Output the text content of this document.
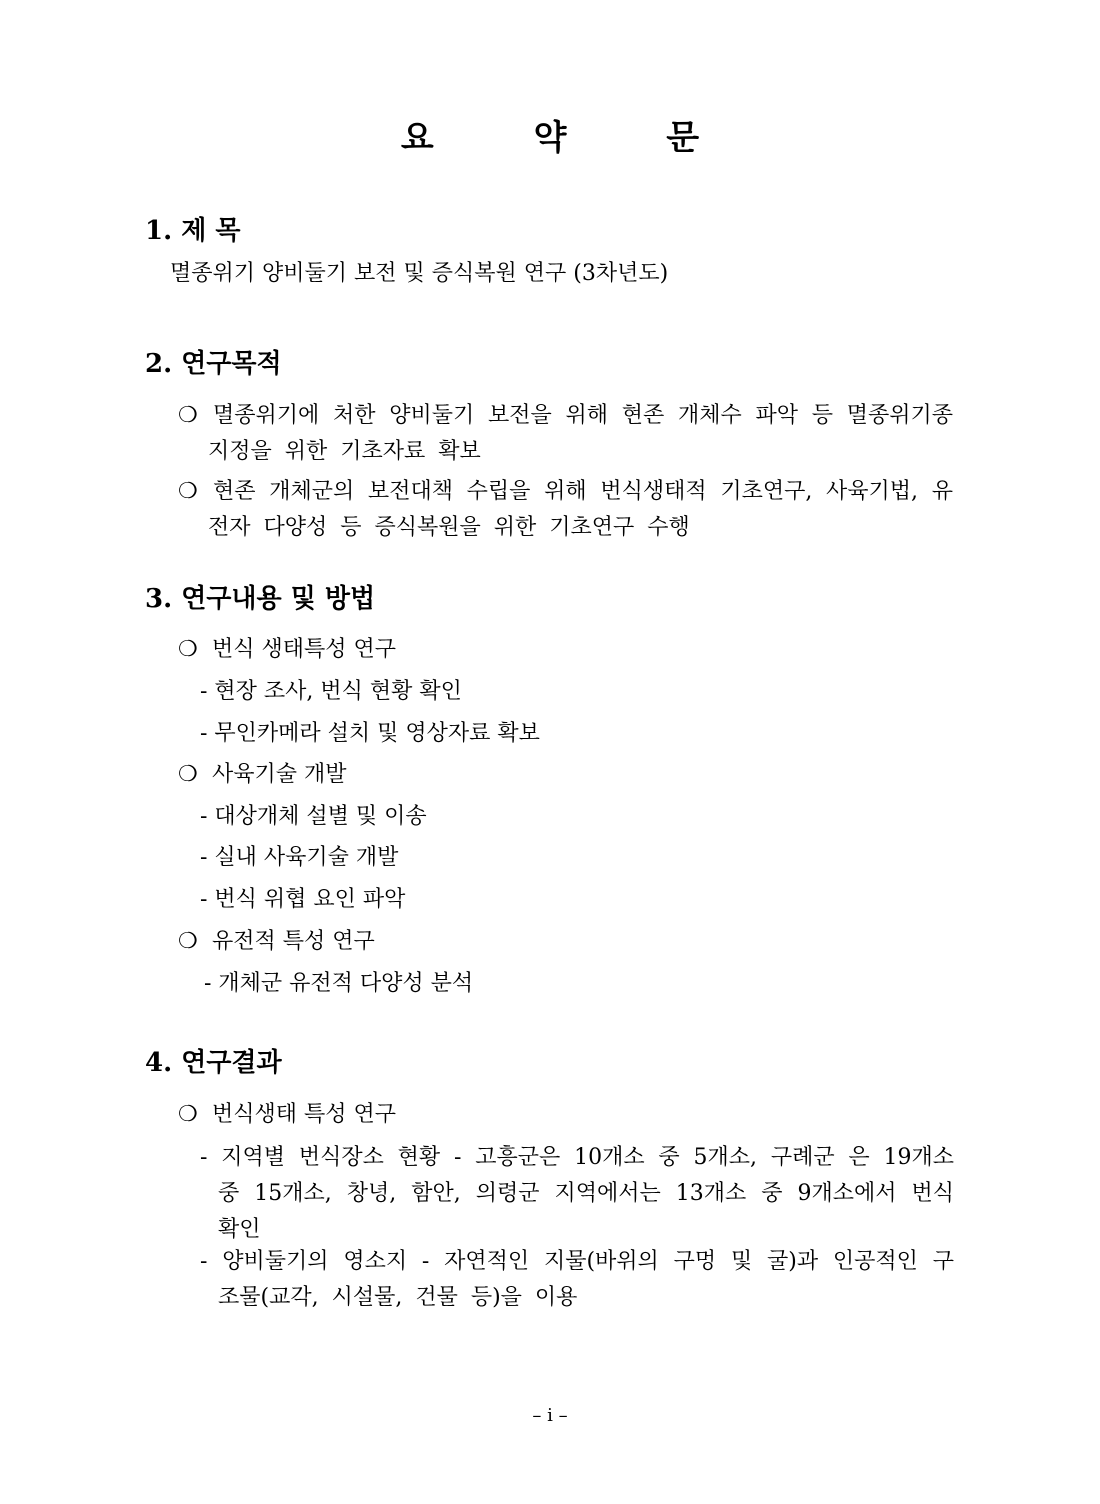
요 약 문
1. 제 목
멸종위기 양비둘기 보전 및 증식복원 연구 (3차년도)
2. 연구목적
❍ 멸종위기에 처한 양비둘기 보전을 위해 현존 개체수 파악 등 멸종위기종 지정을 위한 기초자료 확보
❍ 현존 개체군의 보전대책 수립을 위해 번식생태적 기초연구, 사육기법, 유전자 다양성 등 증식복원을 위한 기초연구 수행
3. 연구내용 및 방법
❍ 번식 생태특성 연구
- 현장 조사, 번식 현황 확인
- 무인카메라 설치 및 영상자료 확보
❍ 사육기술 개발
- 대상개체 설별 및 이송
- 실내 사육기술 개발
- 번식 위협 요인 파악
❍ 유전적 특성 연구
- 개체군 유전적 다양성 분석
4. 연구결과
❍ 번식생태 특성 연구
- 지역별 번식장소 현황 - 고흥군은 10개소 중 5개소, 구례군 은 19개소 중 15개소, 창녕, 함안, 의령군 지역에서는 13개소 중 9개소에서 번식 확인
- 양비둘기의 영소지 - 자연적인 지물(바위의 구멍 및 굴)과 인공적인 구조물(교각, 시설물, 건물 등)을 이용
– i –
